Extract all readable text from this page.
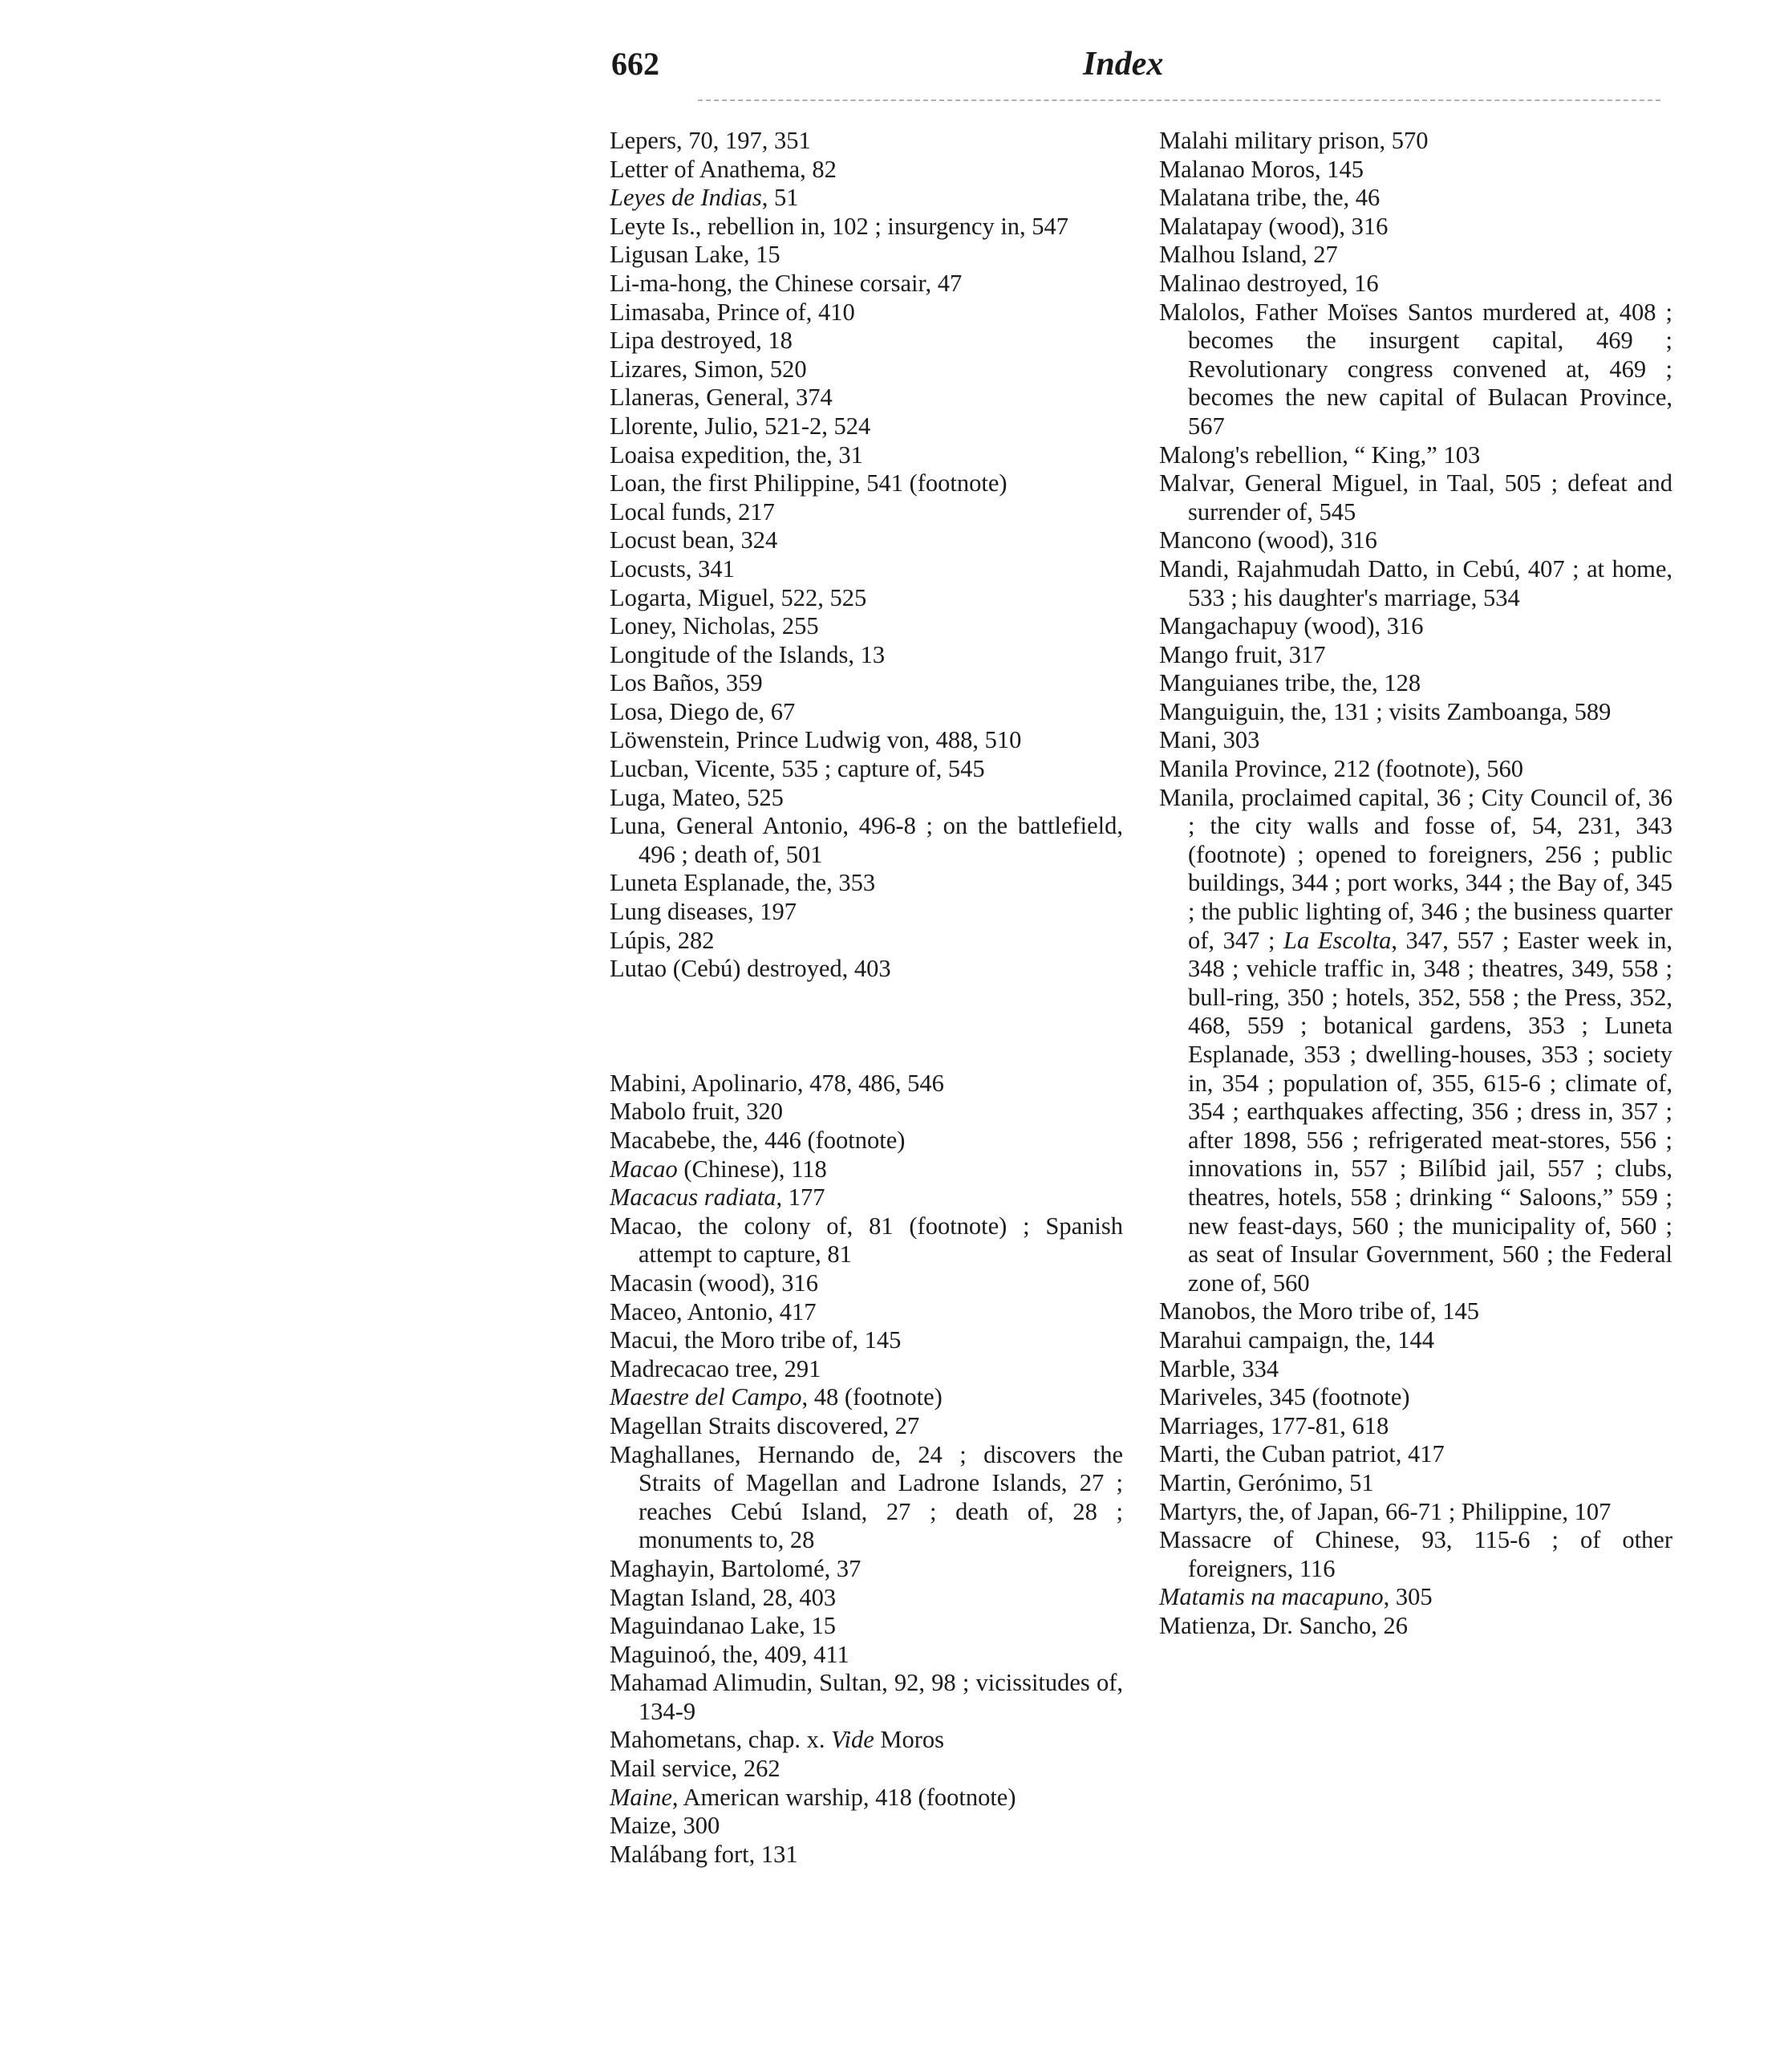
662	Index
Lepers, 70, 197, 351
Letter of Anathema, 82
Leyes de Indias, 51
Leyte Is., rebellion in, 102 ; insurgency in, 547
Ligusan Lake, 15
Li-ma-hong, the Chinese corsair, 47
Limasaba, Prince of, 410
Lipa destroyed, 18
Lizares, Simon, 520
Llaneras, General, 374
Llorente, Julio, 521-2, 524
Loaisa expedition, the, 31
Loan, the first Philippine, 541 (footnote)
Local funds, 217
Locust bean, 324
Locusts, 341
Logarta, Miguel, 522, 525
Loney, Nicholas, 255
Longitude of the Islands, 13
Los Baños, 359
Losa, Diego de, 67
Löwenstein, Prince Ludwig von, 488, 510
Lucban, Vicente, 535 ; capture of, 545
Luga, Mateo, 525
Luna, General Antonio, 496-8 ; on the battlefield, 496 ; death of, 501
Luneta Esplanade, the, 353
Lung diseases, 197
Lúpis, 282
Lutao (Cebú) destroyed, 403
Mabini, Apolinario, 478, 486, 546
Mabolo fruit, 320
Macabebe, the, 446 (footnote)
Macao (Chinese), 118
Macacus radiata, 177
Macao, the colony of, 81 (footnote) ; Spanish attempt to capture, 81
Macasin (wood), 316
Maceo, Antonio, 417
Macui, the Moro tribe of, 145
Madrecacao tree, 291
Maestre del Campo, 48 (footnote)
Magellan Straits discovered, 27
Maghallanes, Hernando de, 24 ; discovers the Straits of Magellan and Ladrone Islands, 27 ; reaches Cebú Island, 27 ; death of, 28 ; monuments to, 28
Maghayin, Bartolomé, 37
Magtan Island, 28, 403
Maguindanao Lake, 15
Maguinoó, the, 409, 411
Mahamad Alimudin, Sultan, 92, 98 ; vicissitudes of, 134-9
Mahometans, chap. x. Vide Moros
Mail service, 262
Maine, American warship, 418 (footnote)
Maize, 300
Malábang fort, 131
Malahi military prison, 570
Malanao Moros, 145
Malatana tribe, the, 46
Malatapay (wood), 316
Malhou Island, 27
Malinao destroyed, 16
Malolos, Father Moïses Santos murdered at, 408 ; becomes the insurgent capital, 469 ; Revolutionary congress convened at, 469 ; becomes the new capital of Bulacan Province, 567
Malong's rebellion, “ King,” 103
Malvar, General Miguel, in Taal, 505 ; defeat and surrender of, 545
Mancono (wood), 316
Mandi, Rajahmudah Datto, in Cebú, 407 ; at home, 533 ; his daughter's marriage, 534
Mangachapuy (wood), 316
Mango fruit, 317
Manguianes tribe, the, 128
Manguiguin, the, 131 ; visits Zamboanga, 589
Mani, 303
Manila Province, 212 (footnote), 560
Manila, proclaimed capital, 36 ; City Council of, 36 ; the city walls and fosse of, 54, 231, 343 (footnote) ; opened to foreigners, 256 ; public buildings, 344 ; port works, 344 ; the Bay of, 345 ; the public lighting of, 346 ; the business quarter of, 347 ; La Escolta, 347, 557 ; Easter week in, 348 ; vehicle traffic in, 348 ; theatres, 349, 558 ; bull-ring, 350 ; hotels, 352, 558 ; the Press, 352, 468, 559 ; botanical gardens, 353 ; Luneta Esplanade, 353 ; dwelling-houses, 353 ; society in, 354 ; population of, 355, 615-6 ; climate of, 354 ; earthquakes affecting, 356 ; dress in, 357 ; after 1898, 556 ; refrigerated meat-stores, 556 ; innovations in, 557 ; Bilíbid jail, 557 ; clubs, theatres, hotels, 558 ; drinking “ Saloons,” 559 ; new feast-days, 560 ; the municipality of, 560 ; as seat of Insular Government, 560 ; the Federal zone of, 560
Manobos, the Moro tribe of, 145
Marahui campaign, the, 144
Marble, 334
Mariveles, 345 (footnote)
Marriages, 177-81, 618
Marti, the Cuban patriot, 417
Martin, Gerónimo, 51
Martyrs, the, of Japan, 66-71 ; Philippine, 107
Massacre of Chinese, 93, 115-6 ; of other foreigners, 116
Matamis na macapuno, 305
Matienza, Dr. Sancho, 26
